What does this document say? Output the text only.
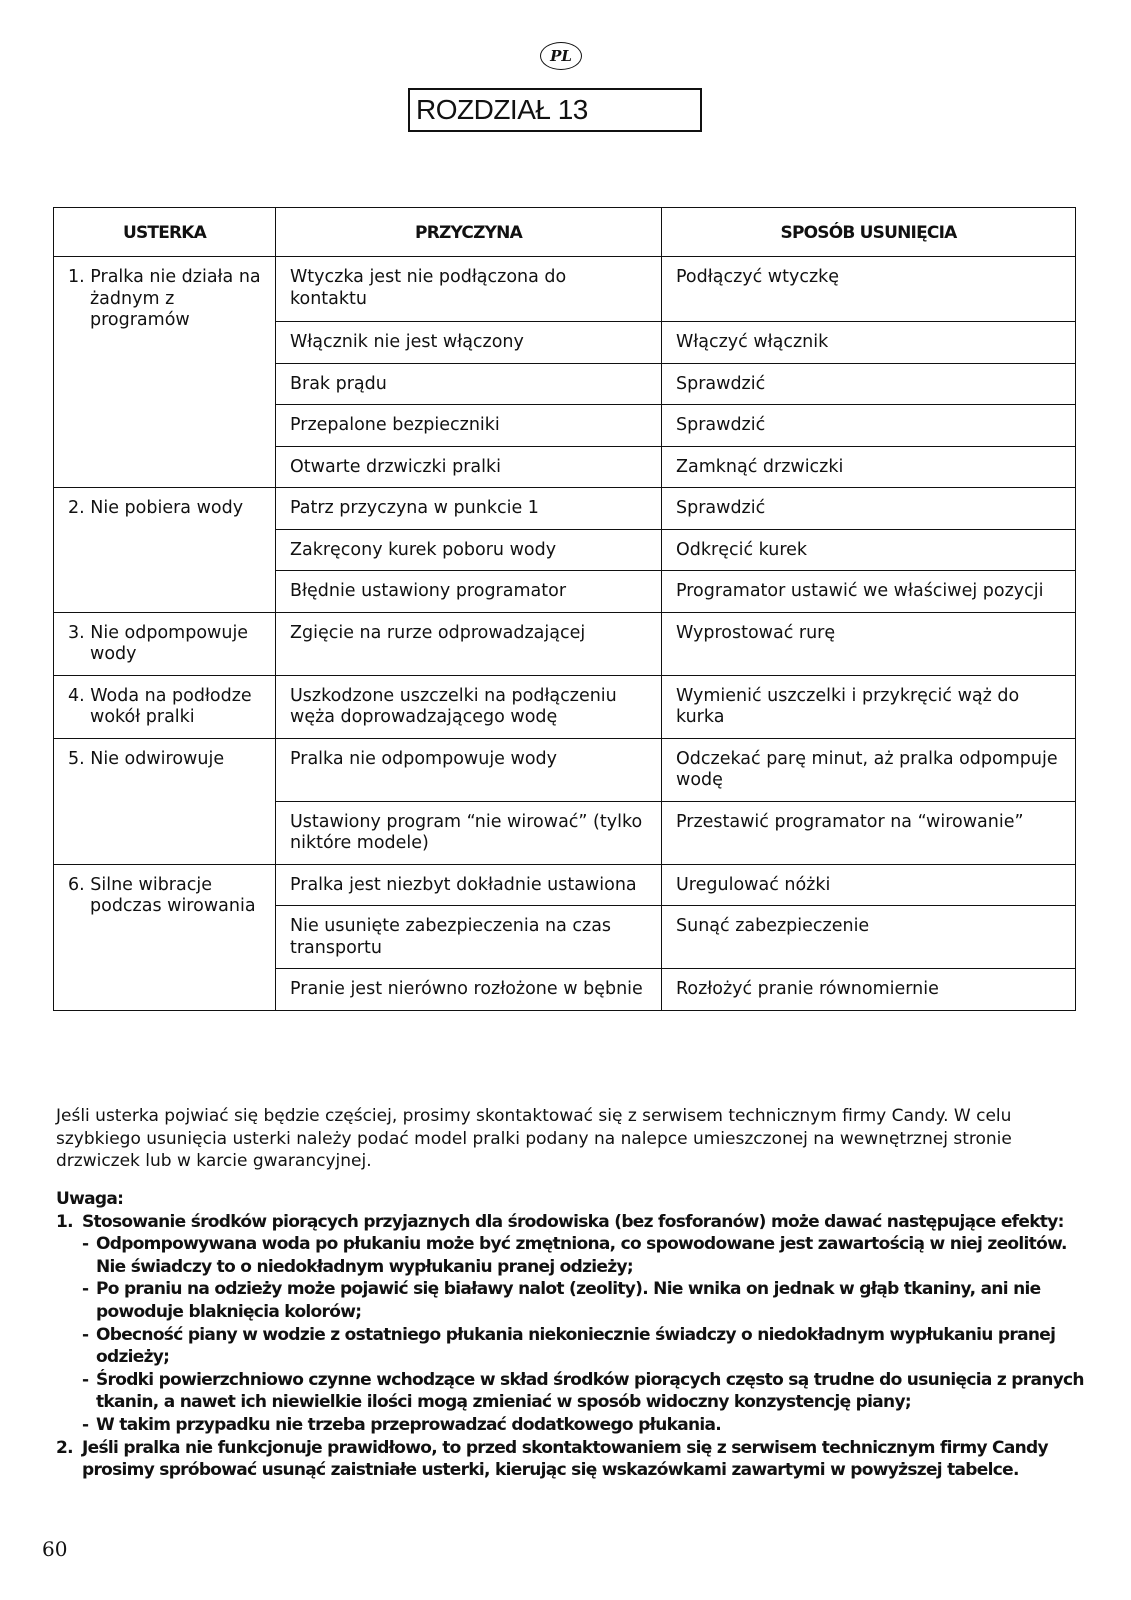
PL
ROZDZIAŁ 13
USTERKA	PRZYCZYNA	SPOSÓB USUNIĘCIA

1. Pralka nie działa na żadnym z programów	Wtyczka jest nie podłączona do kontaktu	Podłączyć wtyczkę
	Włącznik nie jest włączony	Włączyć włącznik
	Brak prądu	Sprawdzić
	Przepalone bezpieczniki	Sprawdzić
	Otwarte drzwiczki pralki	Zamknąć drzwiczki

2. Nie pobiera wody	Patrz przyczyna w punkcie 1	Sprawdzić
	Zakręcony kurek poboru wody	Odkręcić kurek
	Błędnie ustawiony programator	Programator ustawić we właściwej pozycji

3. Nie odpompowuje wody	Zgięcie na rurze odprowadzającej	Wyprostować rurę

4. Woda na podłodze wokół pralki	Uszkodzone uszczelki na podłączeniu węża doprowadzającego wodę	Wymienić uszczelki i przykręcić wąż do kurka

5. Nie odwirowuje	Pralka nie odpompowuje wody	Odczekać parę minut, aż pralka odpompuje wodę
	Ustawiony program “nie wirować” (tylko niktóre modele)	Przestawić programator na “wirowanie”

6. Silne wibracje podczas wirowania	Pralka jest niezbyt dokładnie ustawiona	Uregulować nóżki
	Nie usunięte zabezpieczenia na czas transportu	Sunąć zabezpieczenie
	Pranie jest nierówno rozłożone w bębnie	Rozłożyć pranie równomiernie
Jeśli usterka pojwiać się będzie częściej, prosimy skontaktować się z serwisem technicznym firmy Candy. W celu szybkiego usunięcia usterki należy podać model pralki podany na nalepce umieszczonej na wewnętrznej stronie drzwiczek lub w karcie gwarancyjnej.
Uwaga:
1. Stosowanie środków piorących przyjaznych dla środowiska (bez fosforanów) może dawać następujące efekty:
- Odpompowywana woda po płukaniu może być zmętniona, co spowodowane jest zawartością w niej zeolitów. Nie świadczy to o niedokładnym wypłukaniu pranej odzieży;
- Po praniu na odzieży może pojawić się białawy nalot (zeolity). Nie wnika on jednak w głąb tkaniny, ani nie powoduje blaknięcia kolorów;
- Obecność piany w wodzie z ostatniego płukania niekoniecznie świadczy o niedokładnym wypłukaniu pranej odzieży;
- Środki powierzchniowo czynne wchodzące w skład środków piorących często są trudne do usunięcia z pranych tkanin, a nawet ich niewielkie ilości mogą zmieniać w sposób widoczny konzystencję piany;
- W takim przypadku nie trzeba przeprowadzać dodatkowego płukania.
2. Jeśli pralka nie funkcjonuje prawidłowo, to przed skontaktowaniem się z serwisem technicznym firmy Candy prosimy spróbować usunąć zaistniałe usterki, kierując się wskazówkami zawartymi w powyższej tabelce.
60
